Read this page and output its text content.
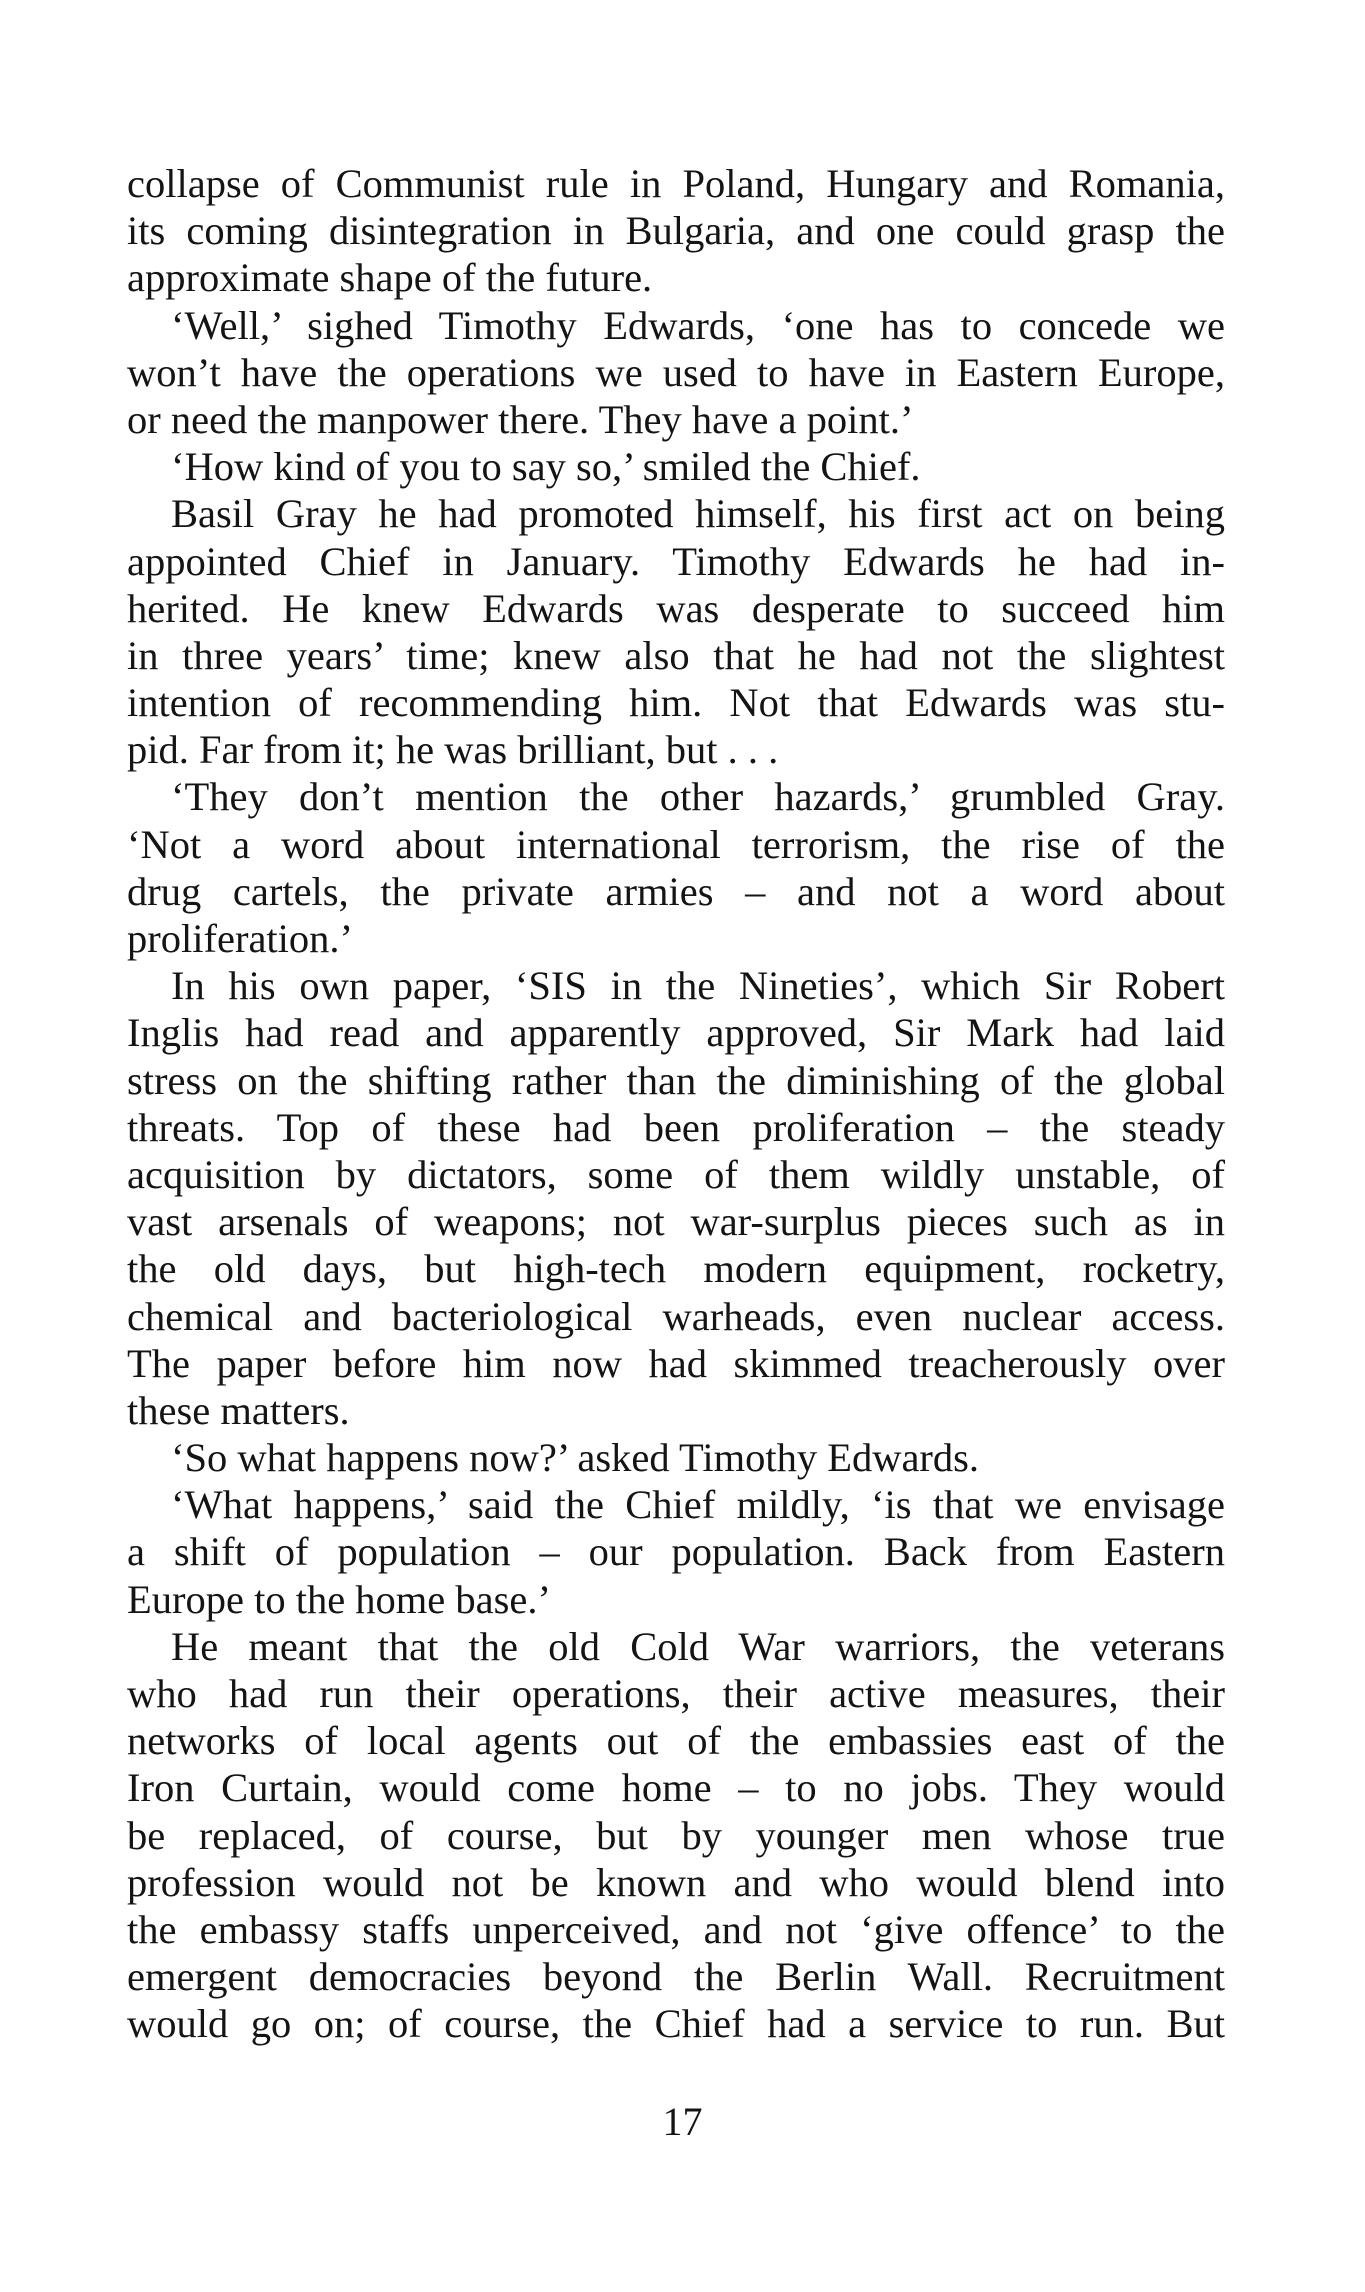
collapse of Communist rule in Poland, Hungary and Romania,
its coming disintegration in Bulgaria, and one could grasp the
approximate shape of the future.
‘Well,’ sighed Timothy Edwards, ‘one has to concede we
won’t have the operations we used to have in Eastern Europe,
or need the manpower there. They have a point.’
‘How kind of you to say so,’ smiled the Chief.
Basil Gray he had promoted himself, his first act on being
appointed Chief in January. Timothy Edwards he had in-
herited. He knew Edwards was desperate to succeed him
in three years’ time; knew also that he had not the slightest
intention of recommending him. Not that Edwards was stu-
pid. Far from it; he was brilliant, but . . .
‘They don’t mention the other hazards,’ grumbled Gray.
‘Not a word about international terrorism, the rise of the
drug cartels, the private armies – and not a word about
proliferation.’
In his own paper, ‘SIS in the Nineties’, which Sir Robert
Inglis had read and apparently approved, Sir Mark had laid
stress on the shifting rather than the diminishing of the global
threats. Top of these had been proliferation – the steady
acquisition by dictators, some of them wildly unstable, of
vast arsenals of weapons; not war-surplus pieces such as in
the old days, but high-tech modern equipment, rocketry,
chemical and bacteriological warheads, even nuclear access.
The paper before him now had skimmed treacherously over
these matters.
‘So what happens now?’ asked Timothy Edwards.
‘What happens,’ said the Chief mildly, ‘is that we envisage
a shift of population – our population. Back from Eastern
Europe to the home base.’
He meant that the old Cold War warriors, the veterans
who had run their operations, their active measures, their
networks of local agents out of the embassies east of the
Iron Curtain, would come home – to no jobs. They would
be replaced, of course, but by younger men whose true
profession would not be known and who would blend into
the embassy staffs unperceived, and not ‘give offence’ to the
emergent democracies beyond the Berlin Wall. Recruitment
would go on; of course, the Chief had a service to run. But
17
